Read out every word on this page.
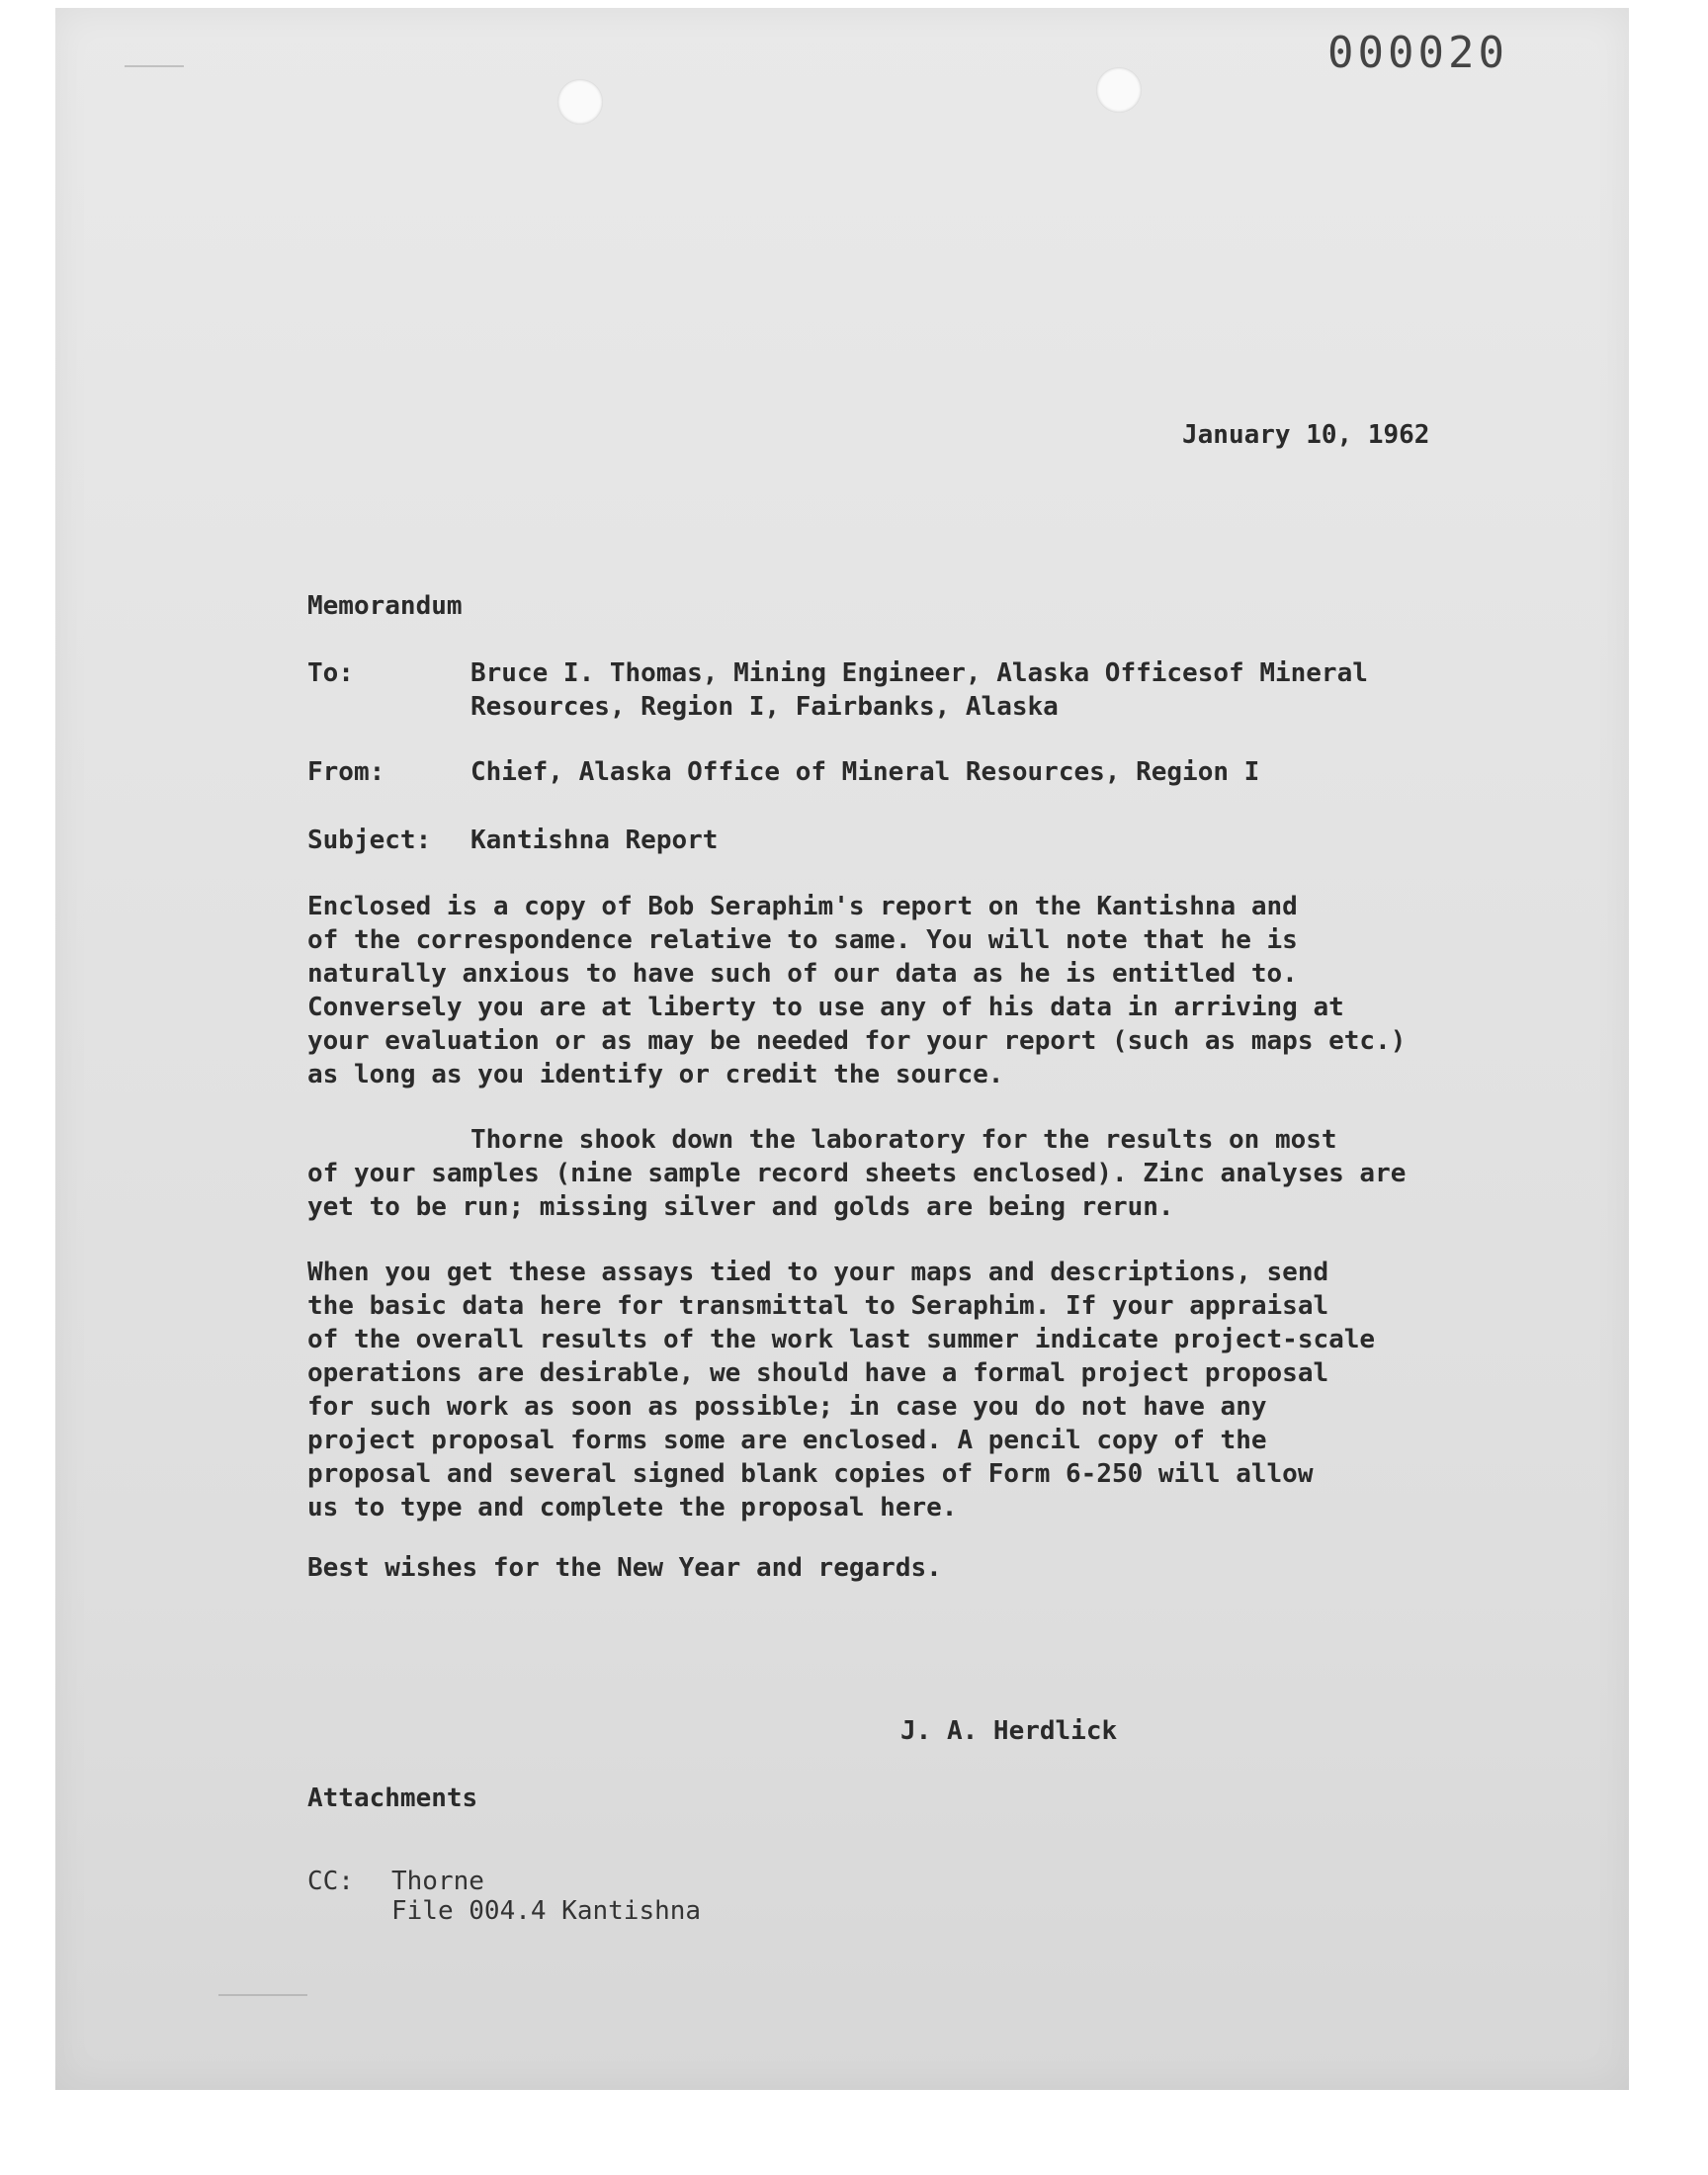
000020
January 10, 1962
Memorandum
To:	Bruce I. Thomas, Mining Engineer, Alaska Officesof Mineral
Resources, Region I, Fairbanks, Alaska
From:	Chief, Alaska Office of Mineral Resources, Region I
Subject: Kantishna Report

Enclosed is a copy of Bob Seraphim's report on the Kantishna and
of the correspondence relative to same. You will note that he is
naturally anxious to have such of our data as he is entitled to.
Conversely you are at liberty to use any of his data in arriving at
your evaluation or as may be needed for your report (such as maps etc.)
as long as you identify or credit the source.

Thorne shook down the laboratory for the results on most
of your samples (nine sample record sheets enclosed). Zinc analyses are
yet to be run; missing silver and golds are being rerun.

When you get these assays tied to your maps and descriptions, send
the basic data here for transmittal to Seraphim. If your appraisal
of the overall results of the work last summer indicate project-scale
operations are desirable, we should have a formal project proposal
for such work as soon as possible; in case you do not have any
project proposal forms some are enclosed. A pencil copy of the
proposal and several signed blank copies of Form 6-250 will allow
us to type and complete the proposal here.

Best wishes for the New Year and regards.

J. A. Herdlick
Attachments
CC: Thorne
File 004.4 Kantishna
